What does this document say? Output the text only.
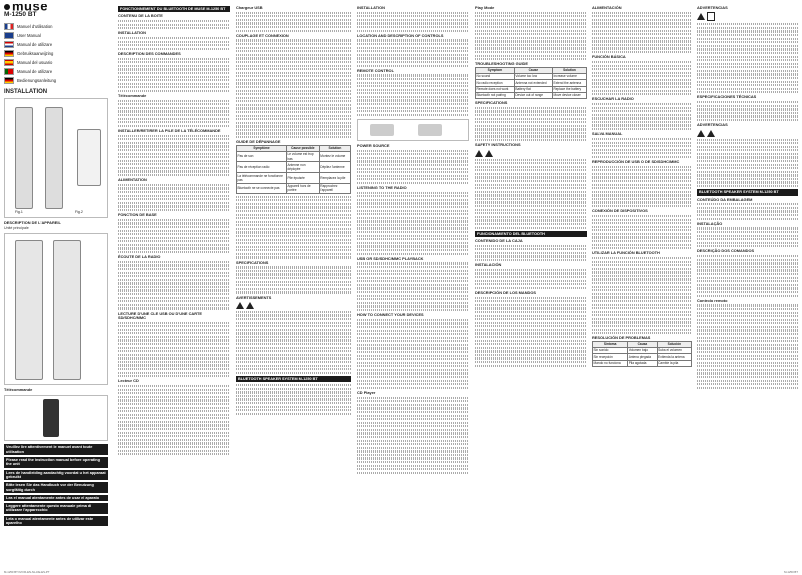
muse
M-1250 BT
Manuel d'utilisation
User Manual
Manual de utilizare
Gebruiksaanwijzing
Manual del usuario
Manual de utilizare
Bedienungsanleitung
INSTALLATION
Fig.1	Fig.2
DESCRIPTION DE L'APPAREIL
Unité principale
Télécommande
Veuillez lire attentivement le manuel avant toute utilisation
Please read the instruction manual before operating the unit
Lees de handleiding aandachtig voordat u het apparaat gebruikt
Bitte lesen Sie das Handbuch vor der Benutzung sorgfältig durch
Lea el manual atentamente antes de usar el aparato
Leggere attentamente questo manuale prima di utilizzare l'apparecchio
Leia o manual atentamente antes de utilizar este aparelho
FONCTIONNEMENT DU BLUETOOTH DE MUSE M-1250 BT
CONTENU DE LA BOITE
INSTALLATION
DESCRIPTION DES COMMANDES
Télécommande
INSTALLER/RETIRER LA PILE DE LA TÉLÉCOMMANDE
ALIMENTATION
FONCTION DE BASE
ÉCOUTE DE LA RADIO
LECTURE D'UNE CLE USB OU D'UNE CARTE SD/SDHC/MMC
Lecteur CD
Chargeur USB
COUPLAGE ET CONNEXION
GUIDE DE DÉPANNAGE
Symptôme	Cause possible	Solution
Pas de son	Le volume est trop bas	Montez le volume
Pas de réception radio	Antenne non déployée	Dépliez l'antenne
La télécommande ne fonctionne pas	Pile épuisée	Remplacez la pile
Bluetooth ne se connecte pas	Appareil hors de portée	Rapprochez l'appareil
SPECIFICATIONS
AVERTISSEMENTS
BLUETOOTH SPEAKER SYSTEM M-1250 BT
INSTALLATION
LOCATION AND DESCRIPTION OF CONTROLS
REMOTE CONTROL
POWER SOURCE
LISTENING TO THE RADIO
USB OR SD/SDHC/MMC PLAYBACK
HOW TO CONNECT YOUR DEVICES
CD Player
Play Mode
TROUBLESHOOTING GUIDE
Symptom	Cause	Solution
No sound	Volume too low	Increase volume
No radio reception	Antenna not extended	Extend the antenna
Remote does not work	Battery flat	Replace the battery
Bluetooth not pairing	Device out of range	Move device closer
SPECIFICATIONS
SAFETY INSTRUCTIONS
FUNCIONAMIENTO DEL BLUETOOTH
CONTENIDO DE LA CAJA
INSTALACIÓN
DESCRIPCIÓN DE LOS MANDOS
ALIMENTACIÓN
FUNCIÓN BÁSICA
ESCUCHAR LA RADIO
SALVA MANUAL
REPRODUCCIÓN DE USB O DE SD/SDHC/MMC
CONEXIÓN DE DISPOSITIVOS
UTILIZAR LA FUNCIÓN BLUETOOTH
RESOLUCIÓN DE PROBLEMAS
Síntoma	Causa	Solución
Sin sonido	Volumen bajo	Suba el volumen
Sin recepción	Antena plegada	Extienda la antena
Mando no funciona	Pila agotada	Cambie la pila
ADVERTENCIAS
ESPECIFICACIONES TÉCNICAS
ADVERTENCIAS
BLUETOOTH SPEAKER SYSTEM M-1250 BT
CONTEÚDO DA EMBALAGEM
INSTALAÇÃO
DESCRIÇÃO DOS COMANDOS
Controlo remoto
M-1250 BT IM FR-EN-NL-DE-ES-PT	M-1250 BT
